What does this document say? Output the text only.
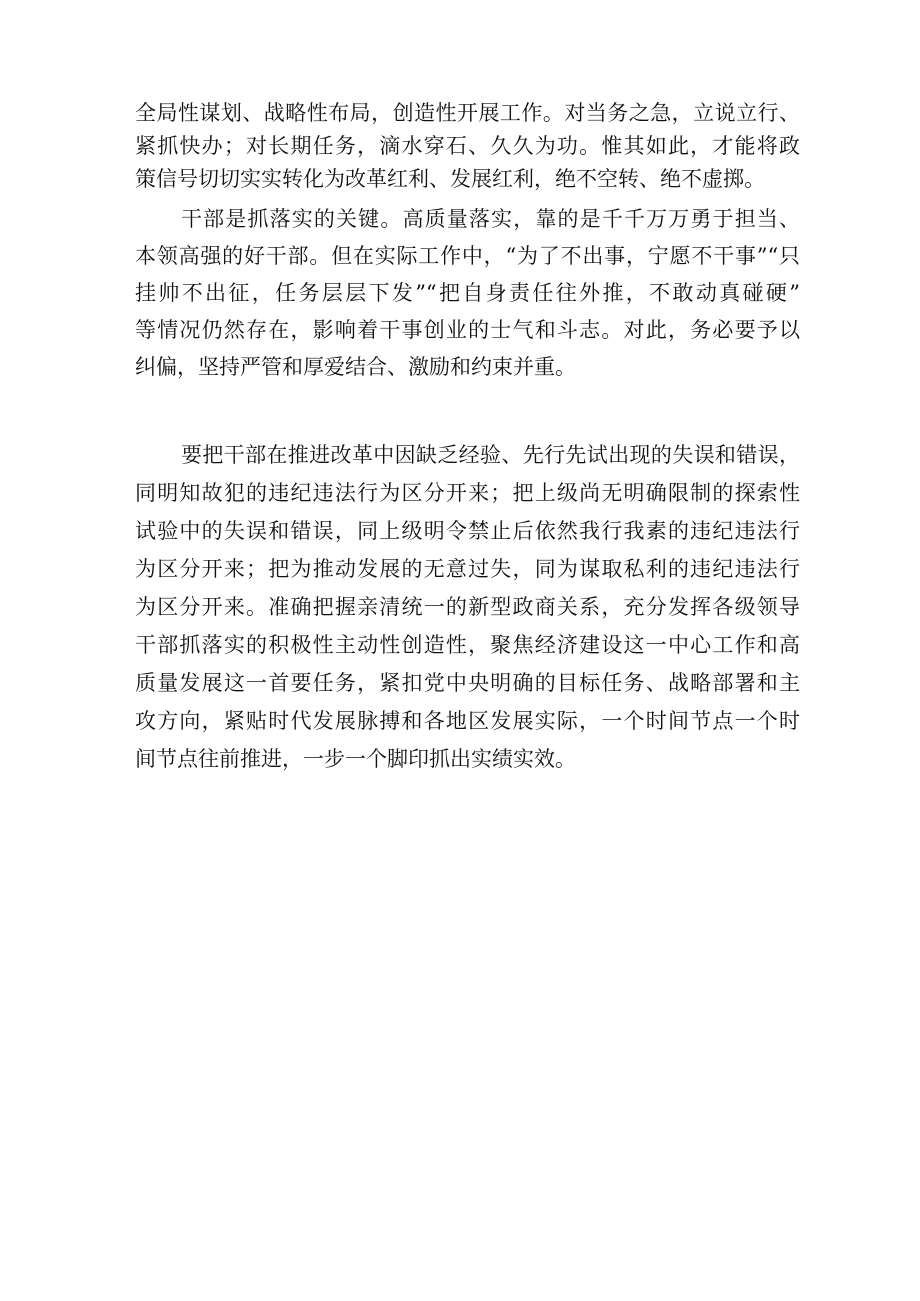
全局性谋划、战略性布局，创造性开展工作。对当务之急，立说立行、
紧抓快办；对长期任务，滴水穿石、久久为功。惟其如此，才能将政
策信号切切实实转化为改革红利、发展红利，绝不空转、绝不虚掷。
干部是抓落实的关键。高质量落实，靠的是千千万万勇于担当、
本领高强的好干部。但在实际工作中，“为了不出事，宁愿不干事”“只
挂帅不出征，任务层层下发”“把自身责任往外推，不敢动真碰硬”
等情况仍然存在，影响着干事创业的士气和斗志。对此，务必要予以
纠偏，坚持严管和厚爱结合、激励和约束并重。
要把干部在推进改革中因缺乏经验、先行先试出现的失误和错误，
同明知故犯的违纪违法行为区分开来；把上级尚无明确限制的探索性
试验中的失误和错误，同上级明令禁止后依然我行我素的违纪违法行
为区分开来；把为推动发展的无意过失，同为谋取私利的违纪违法行
为区分开来。准确把握亲清统一的新型政商关系，充分发挥各级领导
干部抓落实的积极性主动性创造性，聚焦经济建设这一中心工作和高
质量发展这一首要任务，紧扣党中央明确的目标任务、战略部署和主
攻方向，紧贴时代发展脉搏和各地区发展实际，一个时间节点一个时
间节点往前推进，一步一个脚印抓出实绩实效。
